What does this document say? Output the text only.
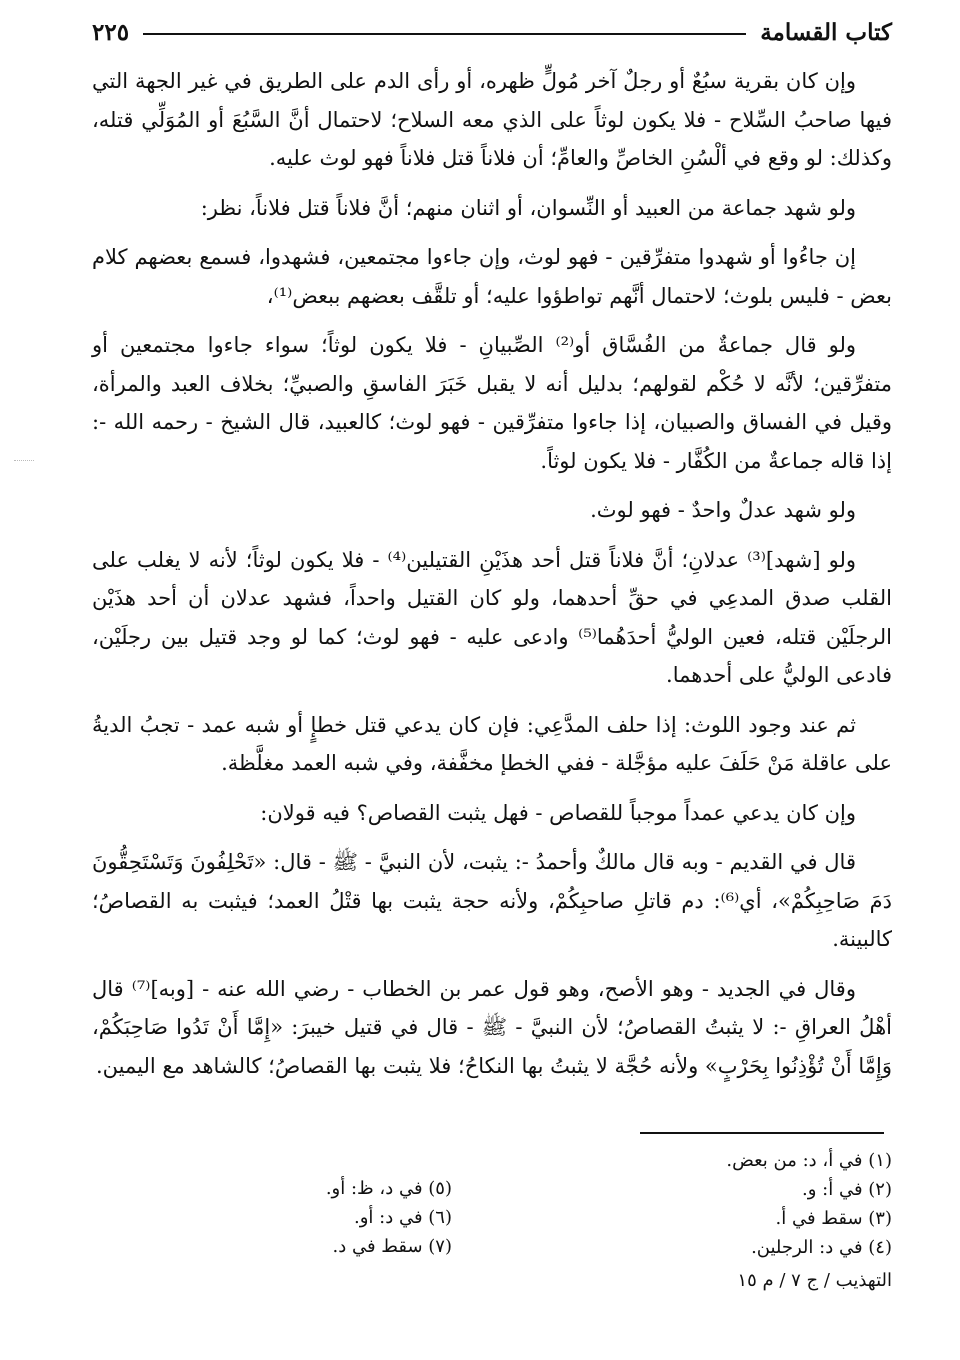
كتاب القسامة
٢٢٥

وإن كان بقرية سبُعٌ أو رجلٌ آخر مُولٍّ ظهره، أو رأى الدم على الطريق في غير الجهة التي فيها صاحبُ السِّلاح - فلا يكون لوثاً على الذي معه السلاح؛ لاحتمال أنَّ السَّبُعَ أو المُوَلِّي قتله، وكذلك: لو وقع في ألْسُنِ الخاصِّ والعامِّ؛ أن فلاناً قتل فلاناً فهو لوث عليه.

ولو شهد جماعة من العبيد أو النِّسوان، أو اثنان منهم؛ أنَّ فلاناً قتل فلاناً، نظر:

إن جاءُوا أو شهدوا متفرِّقين - فهو لوث، وإن جاءوا مجتمعين، فشهدوا، فسمع بعضهم كلام بعض - فليس بلوث؛ لاحتمال أنَّهم تواطؤوا عليه؛ أو تلقَّف بعضهم ببعض⁽¹⁾،

ولو قال جماعةٌ من الفُسَّاق أو⁽²⁾ الصِّبيانِ - فلا يكون لوثاً؛ سواء جاءوا مجتمعين أو متفرِّقين؛ لأنَّه لا حُكْم لقولهم؛ بدليل أنه لا يقبل خَبَرَ الفاسقِ والصبيِّ؛ بخلاف العبد والمرأة، وقيل في الفساق والصبيان، إذا جاءوا متفرِّقين - فهو لوث؛ كالعبيد، قال الشيخ - رحمه الله -: إذا قاله جماعةٌ من الكُفَّار - فلا يكون لوثاً.

ولو شهد عدلٌ واحدٌ - فهو لوث.

ولو [شهد]⁽³⁾ عدلانِ؛ أنَّ فلاناً قتل أحد هذَيْنِ القتيلين⁽⁴⁾ - فلا يكون لوثاً؛ لأنه لا يغلب على القلب صدق المدعِي في حقِّ أحدهما، ولو كان القتيل واحداً، فشهد عدلان أن أحد هذَيْن الرجلَيْن قتله، فعين الوليُّ أحدَهُما⁽⁵⁾ وادعى عليه - فهو لوث؛ كما لو وجد قتيل بين رجلَيْن، فادعى الوليُّ على أحدهما.

ثم عند وجود اللوث: إذا حلف المدَّعِي: فإن كان يدعي قتل خطإٍ أو شبه عمد - تجبُ الديةُ على عاقلة مَنْ حَلَفَ عليه مؤجَّلة - ففي الخطإ مخفَّفة، وفي شبه العمد مغلَّظة.

وإن كان يدعي عمداً موجباً للقصاص - فهل يثبت القصاص؟ فيه قولان:

قال في القديم - وبه قال مالكٌ وأحمدُ -: يثبت، لأن النبيَّ - ﷺ - قال: «تَحْلِفُونَ وَتَسْتَحِقُّونَ دَمَ صَاحِبِكُمْ»، أي⁽⁶⁾: دم قاتلِ صاحبِكُمْ، ولأنه حجة يثبت بها قتْلُ العمد؛ فيثبت به القصاصُ؛ كالبينة.

وقال في الجديد - وهو الأصح، وهو قول عمر بن الخطاب - رضي الله عنه - [وبه]⁽⁷⁾ قال أهْلُ العراقِ -: لا يثبتُ القصاصُ؛ لأن النبيَّ - ﷺ - قال في قتيل خيبرَ: «إِمَّا أَنْ تَدُوا صَاحِبَكُمْ، وَإِمَّا أَنْ تُؤْذِنُوا بِحَرْبٍ» ولأنه حُجَّة لا يثبتُ بها النكاحُ؛ فلا يثبت بها القصاصُ؛ كالشاهد مع اليمين.

(١) في أ، د: من بعض.
(٢) في أ: و.
(٣) سقط في أ.
(٤) في د: الرجلين.
(٥) في د، ظ: أو.
(٦) في د: أو.
(٧) سقط في د.
التهذيب / ج ٧ / م ١٥
